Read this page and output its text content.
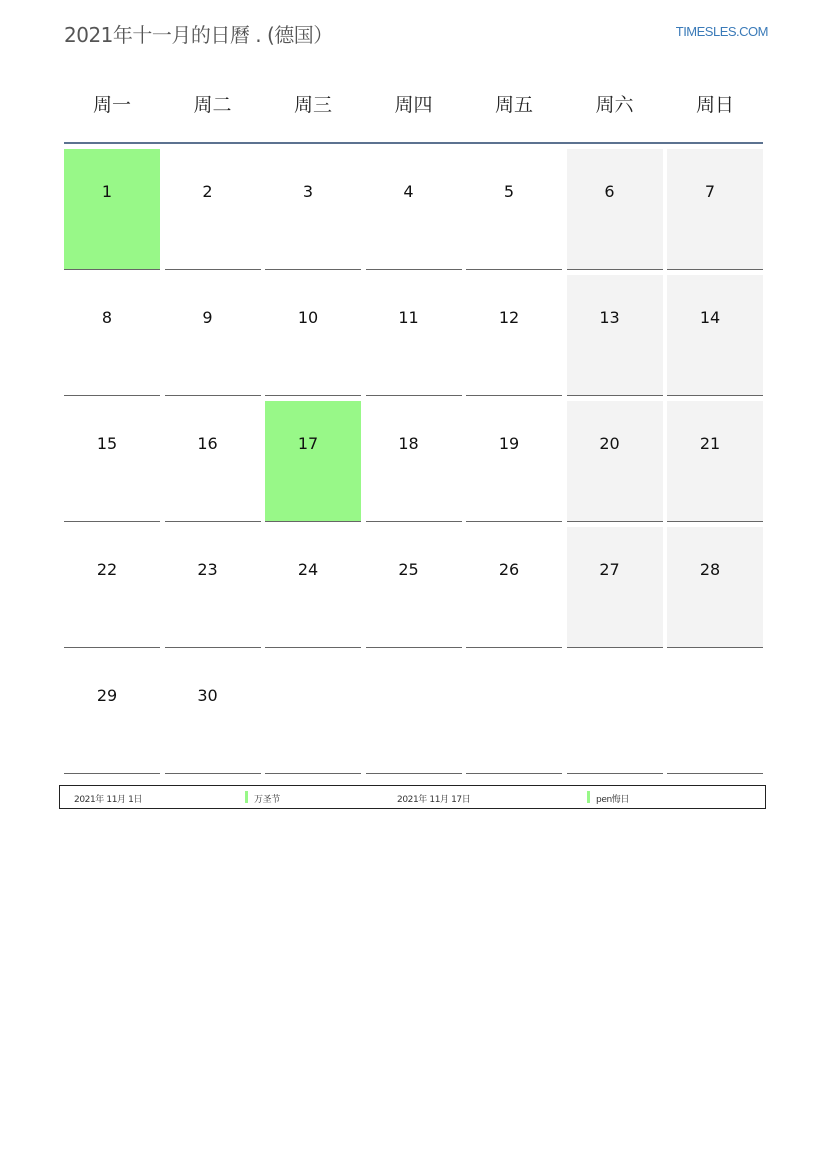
2021年十一月的日曆 . (德国）	TIMESLES.COM
周一	周二	周三	周四	周五	周六	周日
1	2	3	4	5	6	7
8	9	10	11	12	13	14
15	16	17	18	19	20	21
22	23	24	25	26	27	28
29	30
2021年 11月 1日	万圣节	2021年 11月 17日	pen悔日
